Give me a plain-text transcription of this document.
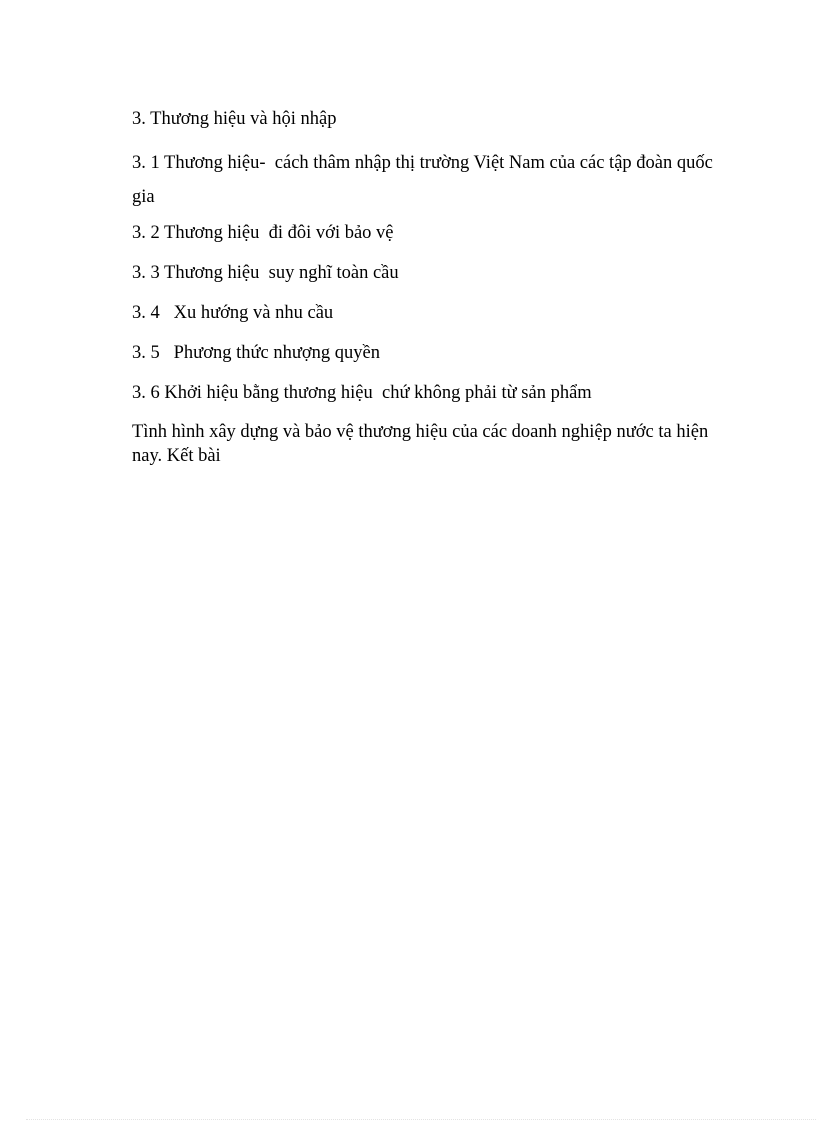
3. Thương hiệu và hội nhập

3. 1 Thương hiệu-  cách thâm nhập thị trường Việt Nam của các tập đoàn quốc gia

3. 2 Thương hiệu  đi đôi với bảo vệ

3. 3 Thương hiệu  suy nghĩ toàn cầu

3. 4   Xu hướng và nhu cầu

3. 5   Phương thức nhượng quyền

3. 6 Khởi hiệu bằng thương hiệu  chứ không phải từ sản phẩm

Tình hình xây dựng và bảo vệ thương hiệu của các doanh nghiệp nước ta hiện nay. Kết bài
